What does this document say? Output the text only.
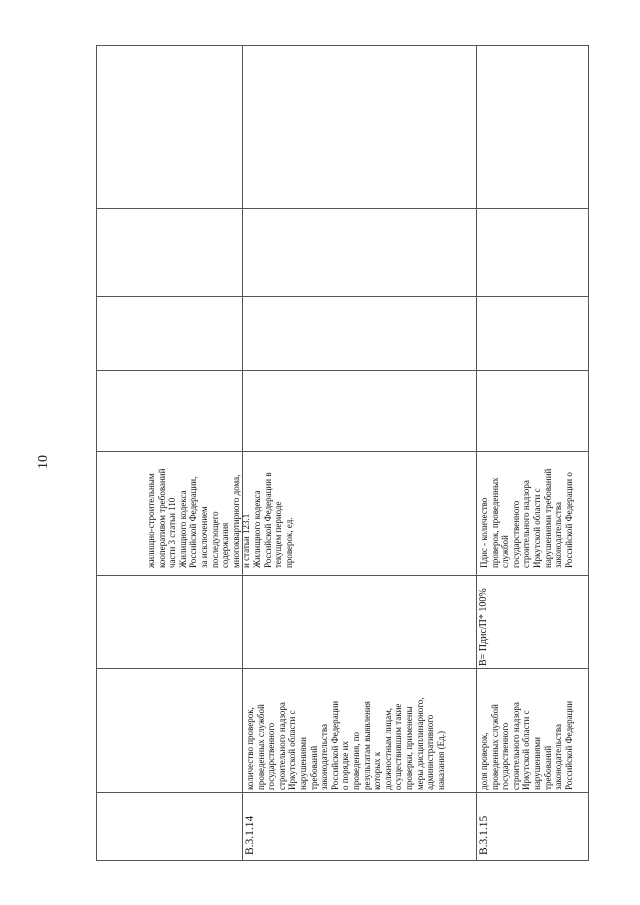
10
жилищно-строительным кооперативом требований части 3 статьи 110 Жилищного кодекса Российской Федерации, за исключением последующего содержания многоквартирного дома, и статьи 123.1 Жилищного кодекса Российской Федерации в текущем периоде проверок, ед.
В.3.1.14
количество проверок, проведенных службой государственного строительного надзора Иркутской области с нарушениями требований законодательства Российской Федерации о порядке их проведения, по результатам выявления которых к должностным лицам, осуществившим такие проверки, применены меры дисциплинарного, административного наказания (Ед.)
В.3.1.15
доля проверок, проведенных службой государственного строительного надзора Иркутской области с нарушениями требований законодательства Российской Федерации
В= Пдис/П* 100%
Пдис - количество проверок, проведенных службой государственного строительного надзора Иркутской области с нарушениями требований законодательства Российской Федерации о
